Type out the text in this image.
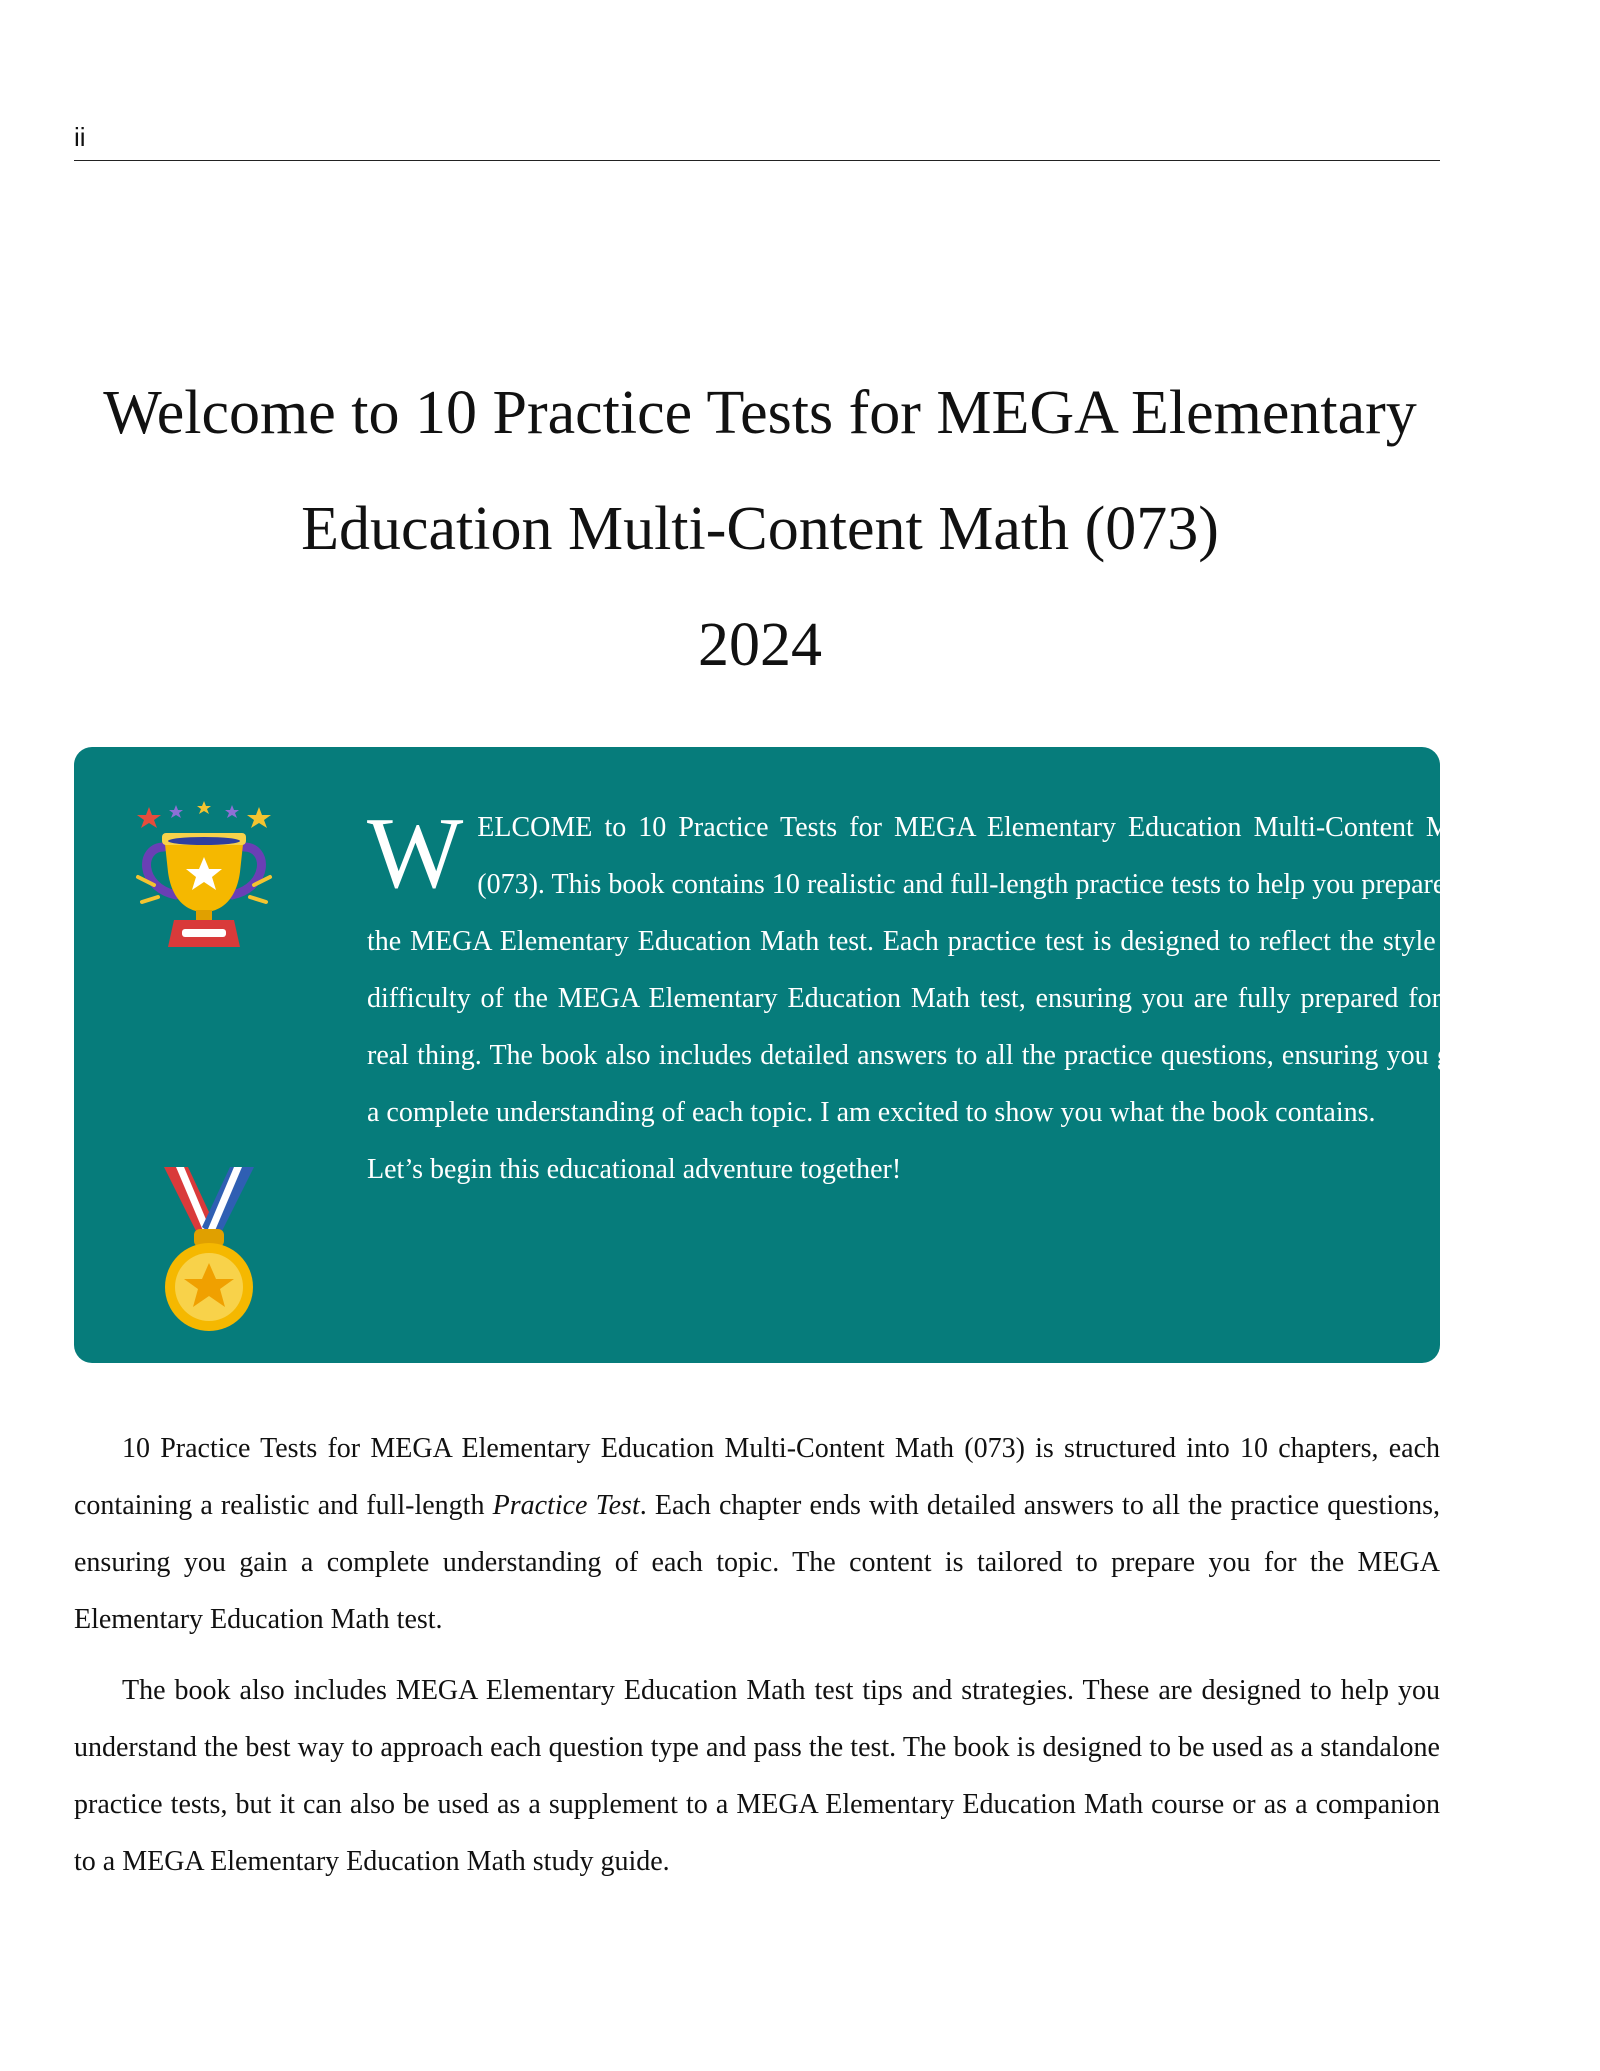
ii
Welcome to 10 Practice Tests for MEGA Elementary
Education Multi-Content Math (073)
2024
WELCOME to 10 Practice Tests for MEGA Elementary Education Multi-Content Math (073). This book contains 10 realistic and full-length practice tests to help you prepare for the MEGA Elementary Education Math test. Each practice test is designed to reflect the style and difficulty of the MEGA Elementary Education Math test, ensuring you are fully prepared for the real thing. The book also includes detailed answers to all the practice questions, ensuring you gain a complete understanding of each topic. I am excited to show you what the book contains.
Let’s begin this educational adventure together!

10 Practice Tests for MEGA Elementary Education Multi-Content Math (073) is structured into 10 chapters, each containing a realistic and full-length Practice Test. Each chapter ends with detailed answers to all the practice questions, ensuring you gain a complete understanding of each topic. The content is tailored to prepare you for the MEGA Elementary Education Math test.

The book also includes MEGA Elementary Education Math test tips and strategies. These are designed to help you understand the best way to approach each question type and pass the test. The book is designed to be used as a standalone practice tests, but it can also be used as a supplement to a MEGA Elementary Education Math course or as a companion to a MEGA Elementary Education Math study guide.
